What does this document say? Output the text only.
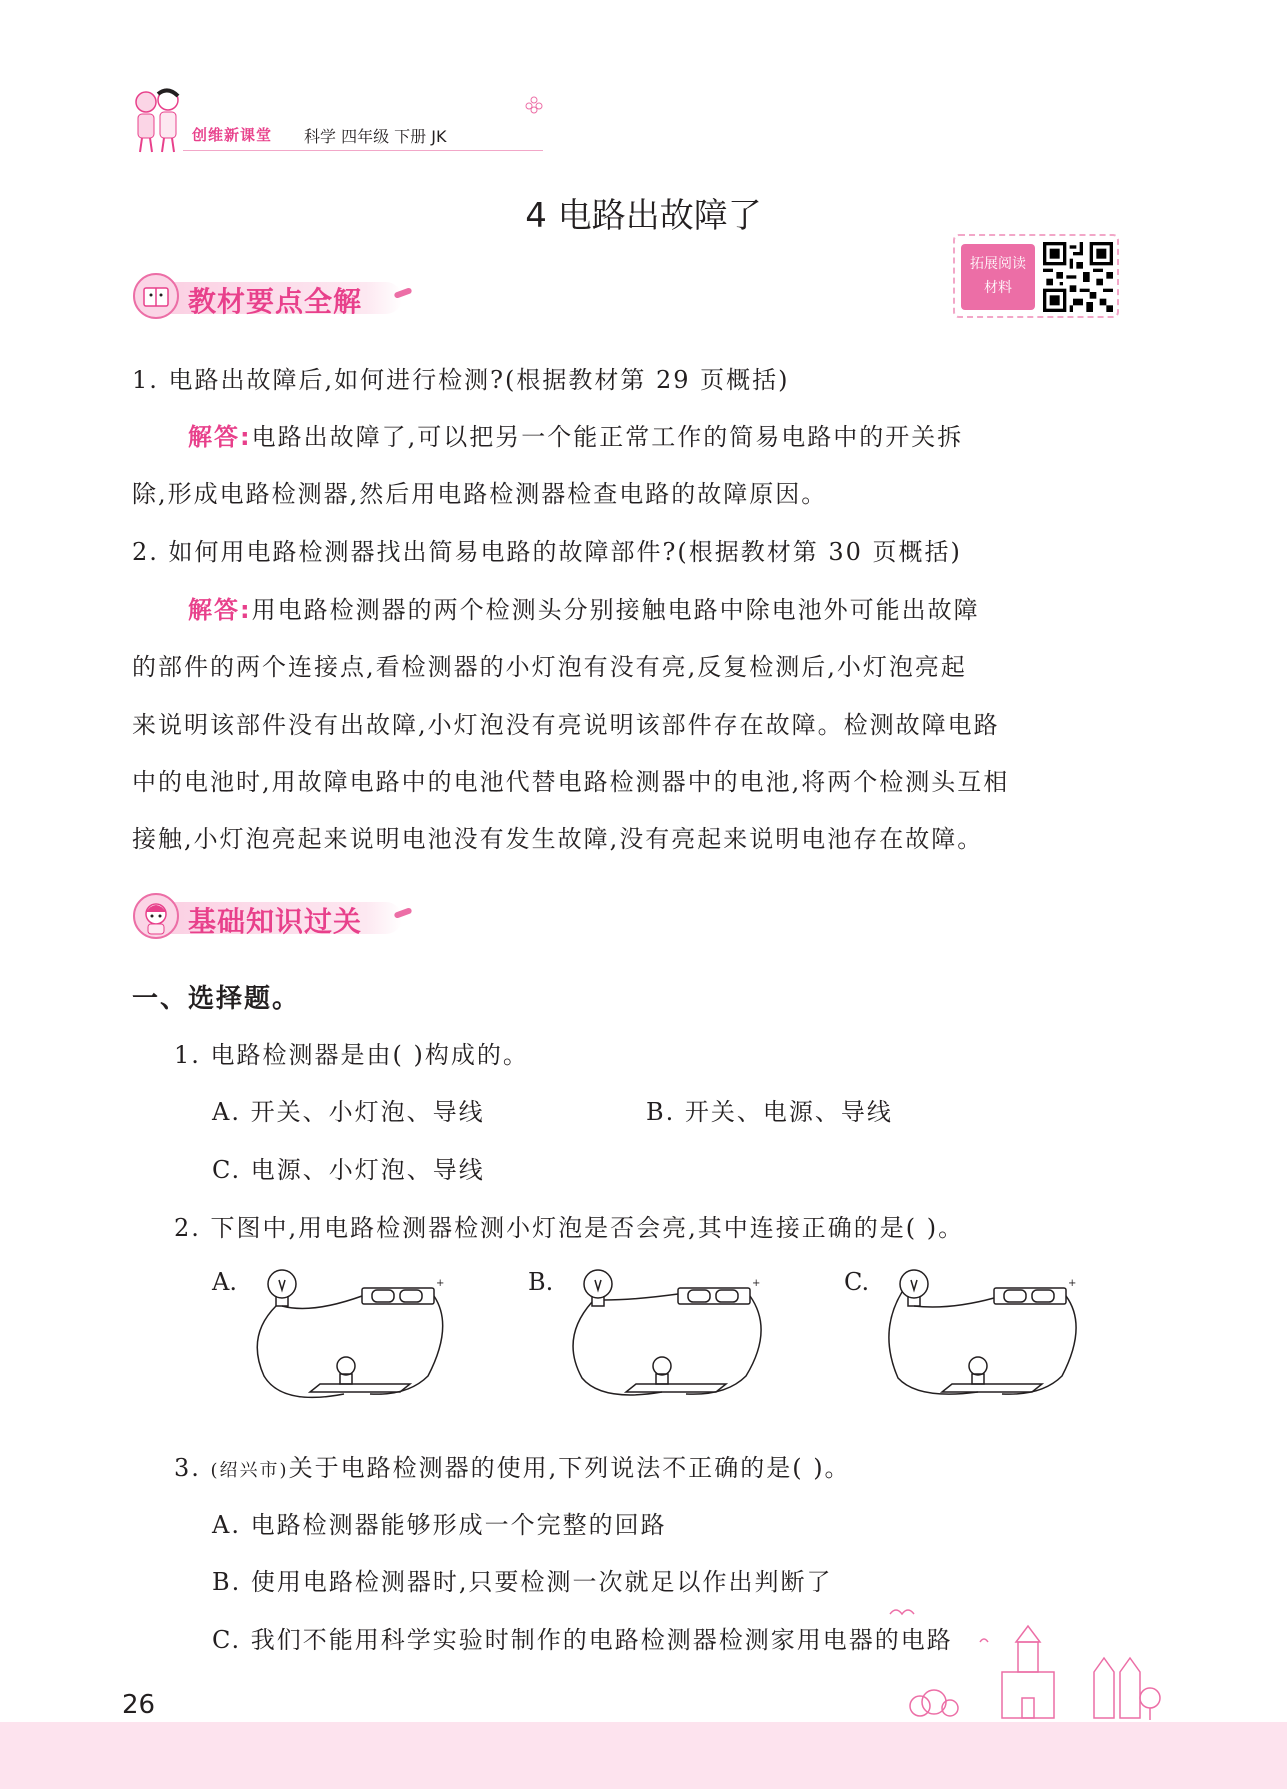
创维新课堂 科学 四年级 下册 JK
4 电路出故障了
拓展阅读
材料
教材要点全解
1. 电路出故障后,如何进行检测?(根据教材第 29 页概括)
解答:电路出故障了,可以把另一个能正常工作的简易电路中的开关拆
除,形成电路检测器,然后用电路检测器检查电路的故障原因。
2. 如何用电路检测器找出简易电路的故障部件?(根据教材第 30 页概括)
解答:用电路检测器的两个检测头分别接触电路中除电池外可能出故障
的部件的两个连接点,看检测器的小灯泡有没有亮,反复检测后,小灯泡亮起
来说明该部件没有出故障,小灯泡没有亮说明该部件存在故障。检测故障电路
中的电池时,用故障电路中的电池代替电路检测器中的电池,将两个检测头互相
接触,小灯泡亮起来说明电池没有发生故障,没有亮起来说明电池存在故障。
基础知识过关
一、选择题。
1. 电路检测器是由( )构成的。
A. 开关、小灯泡、导线	B. 开关、电源、导线
C. 电源、小灯泡、导线
2. 下图中,用电路检测器检测小灯泡是否会亮,其中连接正确的是( )。
A.	B.	C.
+	+	+
3. (绍兴市)关于电路检测器的使用,下列说法不正确的是( )。
A. 电路检测器能够形成一个完整的回路
B. 使用电路检测器时,只要检测一次就足以作出判断了
C. 我们不能用科学实验时制作的电路检测器检测家用电器的电路
26
